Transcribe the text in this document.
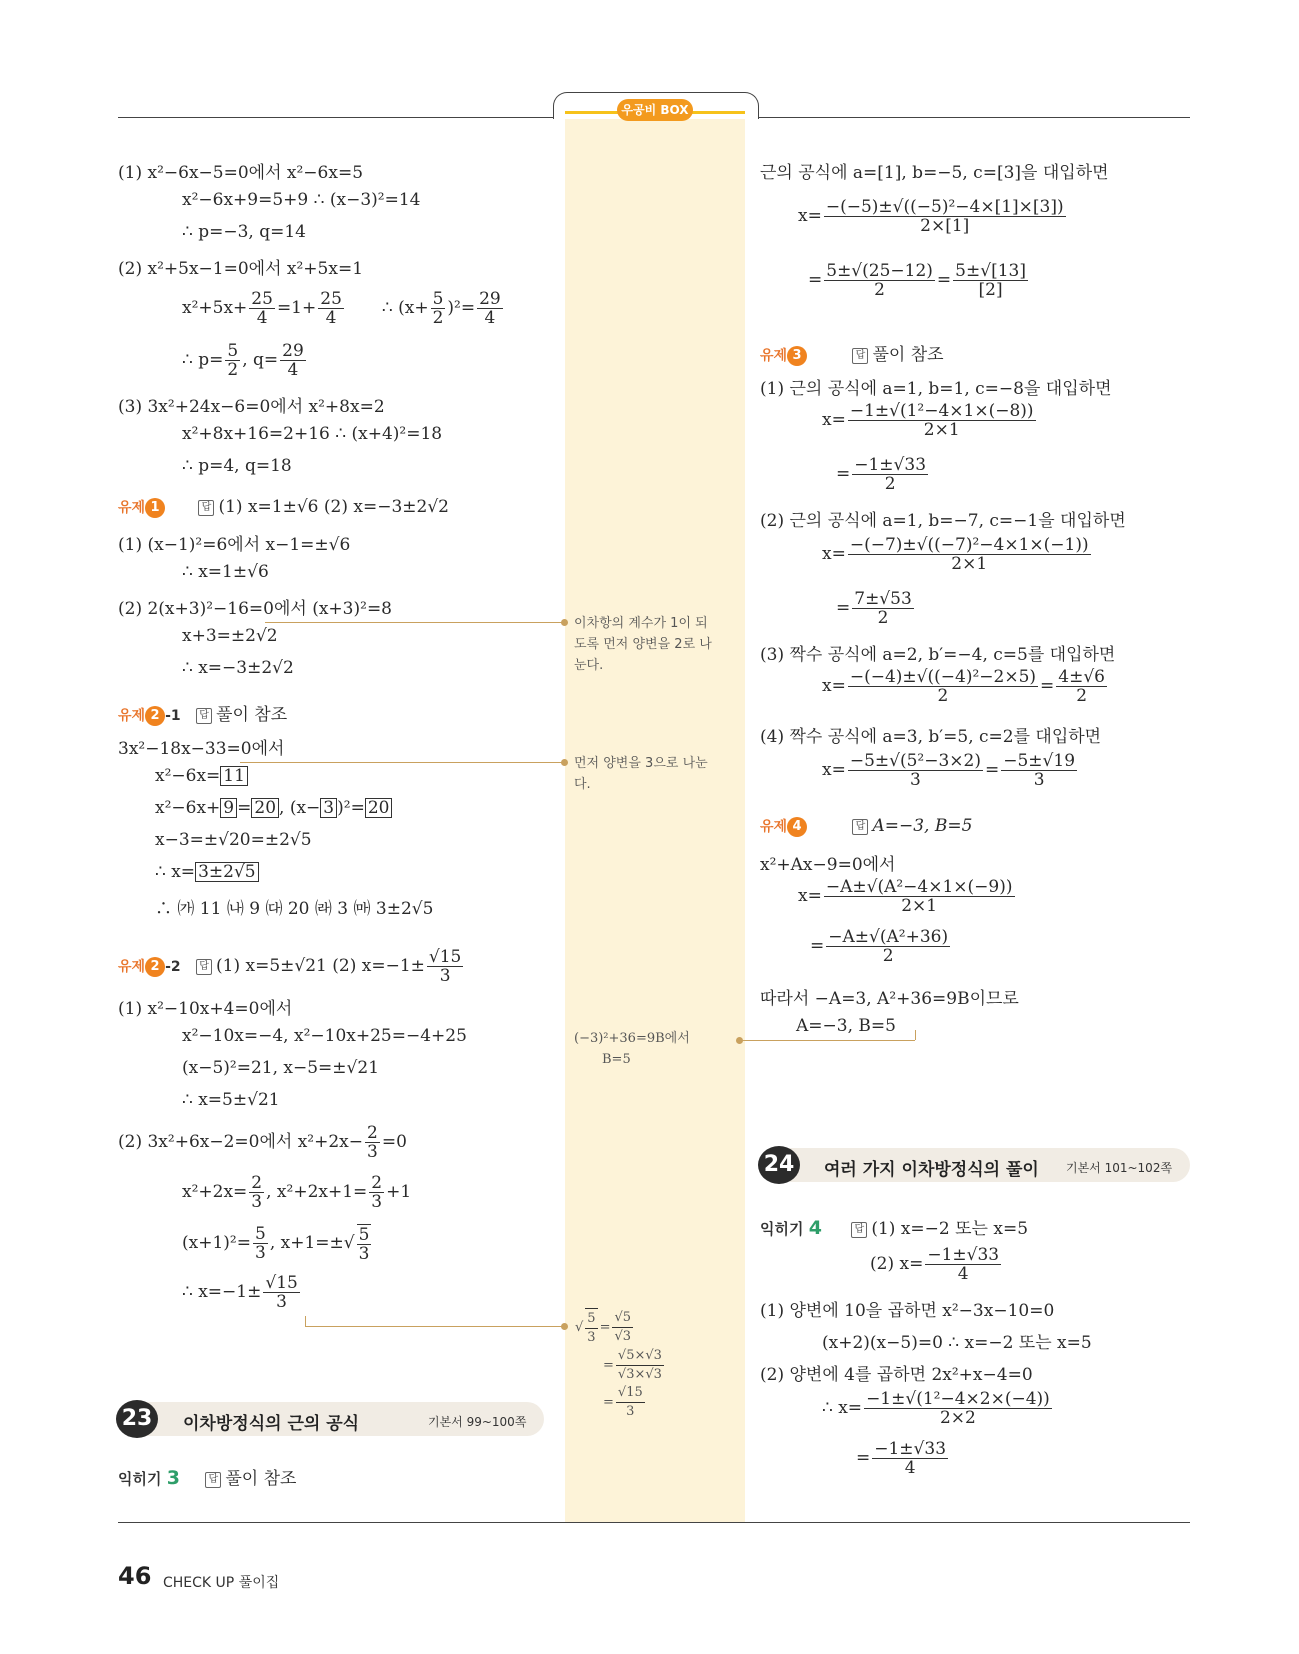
우공비 BOX
(1) x²−6x−5=0에서 x²−6x=5
x²−6x+9=5+9 ∴ (x−3)²=14
∴ p=−3, q=14
(2) x²+5x−1=0에서 x²+5x=1
$x^2+5x+ \frac{25}{4} =1+ \frac{25}{4}$ ∴ $(x+ \frac{5}{2} )^2= \frac{29}{4}$
∴ $p= \frac{5}{2}$ , $q= \frac{29}{4}$
(3) 3x²+24x−6=0에서 x²+8x=2
x²+8x+16=2+16 ∴ (x+4)²=18
∴ p=4, q=18
유제 1	답 (1) x=1±√6 (2) x=−3±2√2
(1) (x−1)²=6에서 x−1=±√6
∴ x=1±√6
(2) 2(x+3)²−16=0에서 (x+3)²=8
x+3=±2√2
∴ x=−3±2√2
유제 2 -1 답 풀이 참조
3x²−18x−33=0에서
x²−6x= 11
x²−6x+ 9 = 20 , (x− 3 )²= 20
x−3=±√20=±2√5
∴ x= 3±2√5
∴ ㈎ 11 ㈏ 9 ㈐ 20 ㈑ 3 ㈒ 3±2√5
유제 2 -2 답 (1) x=5±√21 (2) $x=-1\pm \frac{√15}{3}$
(1) x²−10x+4=0에서
x²−10x=−4, x²−10x+25=−4+25
(x−5)²=21, x−5=±√21
∴ x=5±√21
(2) 3x²+6x−2=0에서 $x^2+2x- \frac{2}{3} =0$
$x^2+2x= \frac{2}{3}$ , $x^2+2x+1= \frac{2}{3} +1$
$(x+1)^2= \frac{5}{3}$ , $x+1=\pm√ \frac{5}{3}$
∴ $x=-1\pm \frac{√15}{3}$
23	이차방정식의 근의 공식	기본서 99~100쪽
익히기 3	답 풀이 참조
이차항의 계수가 1이 되
도록 먼저 양변을 2로 나
눈다.
먼저 양변을 3으로 나눈
다.
(−3)²+36=9B에서
B=5
√ $\frac{5}{3} = \frac{√5}{√3}$
= $\frac{√5\times√3}{√3\times√3}$
= $\frac{√15}{3}$
근의 공식에 a=[1], b=−5, c=[3]을 대입하면
$x= \frac{\text{−(−5)±√((−5)²−4×[1]×[3])}}{2\times[1]}$
= $\frac{5\pm√(25-12)}{2} = \frac{5\pm√[13]}{[2]}$
유제 3	답 풀이 참조
(1) 근의 공식에 a=1, b=1, c=−8을 대입하면
$x= \frac{\text{−1±√(1²−4×1×(−8))}}{2\times 1}$
= $\frac{-1\pm√33}{2}$
(2) 근의 공식에 a=1, b=−7, c=−1을 대입하면
$x= \frac{\text{−(−7)±√((−7)²−4×1×(−1))}}{2\times 1}$
= $\frac{7\pm√53}{2}$
(3) 짝수 공식에 a=2, b′=−4, c=5를 대입하면
$x= \frac{\text{−(−4)±√((−4)²−2×5)}}{2} = \frac{4\pm√6}{2}$
(4) 짝수 공식에 a=3, b′=5, c=2를 대입하면
$x= \frac{\text{−5±√(5²−3×2)}}{3} = \frac{-5\pm√19}{3}$
유제 4	답 A=−3, B=5
x²+Ax−9=0에서
$x= \frac{\text{−A±√(A²−4×1×(−9))}}{2\times 1}$
= $\frac{\text{−A±√(A²+36)}}{2}$
따라서 −A=3, A²+36=9B이므로
A=−3, B=5
24	여러 가지 이차방정식의 풀이 기본서 101~102쪽
익히기 4	답 (1) x=−2 또는 x=5
(2) $x= \frac{-1\pm√33}{4}$
(1) 양변에 10을 곱하면 x²−3x−10=0
(x+2)(x−5)=0 ∴ x=−2 또는 x=5
(2) 양변에 4를 곱하면 2x²+x−4=0
∴ $x= \frac{\text{−1±√(1²−4×2×(−4))}}{2\times 2}$
= $\frac{-1\pm√33}{4}$
46 CHECK UP 풀이집
